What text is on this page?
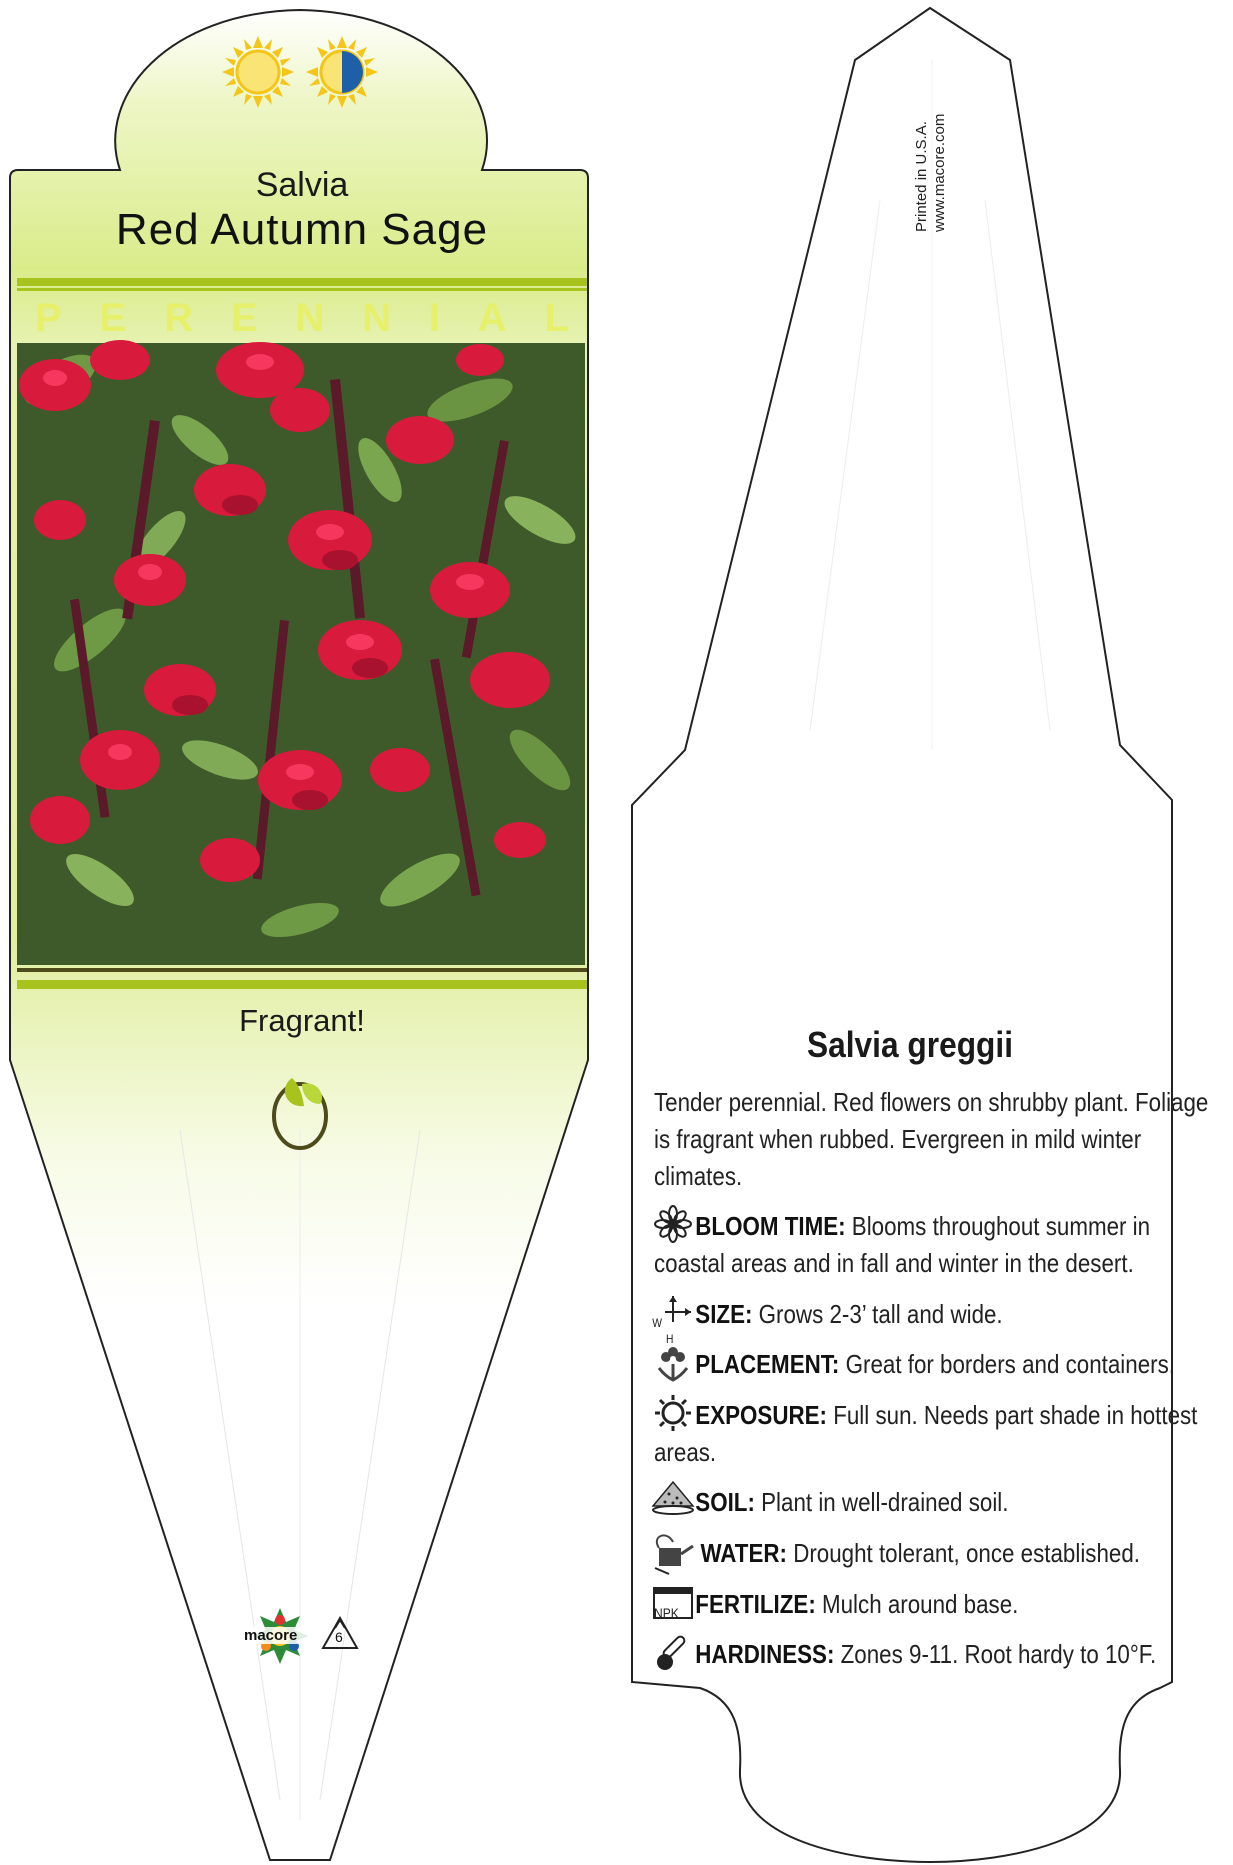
Salvia
Red Autumn Sage
P E R E N N I A L
Fragrant!
macore	6
Printed in U.S.A. www.macore.com
Salvia greggii
Tender perennial. Red flowers on shrubby plant. Foliage is fragrant when rubbed. Evergreen in mild winter climates.
BLOOM TIME: Blooms throughout summer in coastal areas and in fall and winter in the desert.
W
H
SIZE: Grows 2-3’ tall and wide.
PLACEMENT: Great for borders and containers.
EXPOSURE: Full sun. Needs part shade in hottest areas.
SOIL: Plant in well-drained soil.
WATER: Drought tolerant, once established.
NPK FERTILIZE: Mulch around base.
HARDINESS: Zones 9-11. Root hardy to 10°F.
